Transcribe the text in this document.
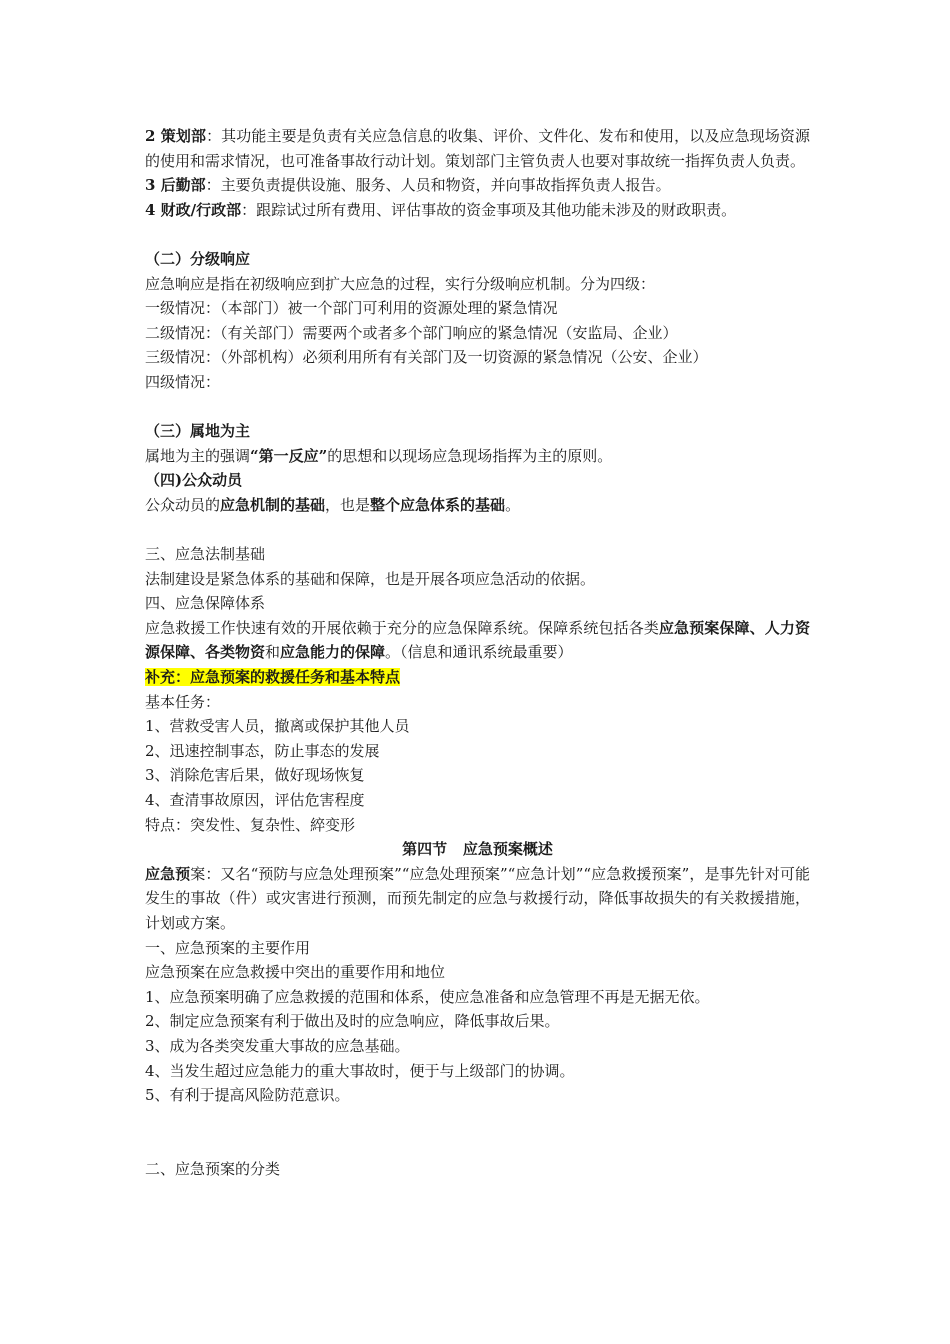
2 策划部：其功能主要是负责有关应急信息的收集、评价、文件化、发布和使用，以及应急现场资源的使用和需求情况，也可准备事故行动计划。策划部门主管负责人也要对事故统一指挥负责人负责。
3 后勤部：主要负责提供设施、服务、人员和物资，并向事故指挥负责人报告。
4 财政/行政部：跟踪试过所有费用、评估事故的资金事项及其他功能未涉及的财政职责。
（二）分级响应
应急响应是指在初级响应到扩大应急的过程，实行分级响应机制。分为四级：
一级情况：（本部门）被一个部门可利用的资源处理的紧急情况
二级情况：（有关部门）需要两个或者多个部门响应的紧急情况（安监局、企业）
三级情况：（外部机构）必须利用所有有关部门及一切资源的紧急情况（公安、企业）
四级情况：
（三）属地为主
属地为主的强调“第一反应”的思想和以现场应急现场指挥为主的原则。
（四)公众动员
公众动员的应急机制的基础，也是整个应急体系的基础。
三、应急法制基础
法制建设是紧急体系的基础和保障，也是开展各项应急活动的依据。
四、应急保障体系
应急救援工作快速有效的开展依赖于充分的应急保障系统。保障系统包括各类应急预案保障、人力资源保障、各类物资和应急能力的保障。（信息和通讯系统最重要）
补充：应急预案的救援任务和基本特点
基本任务：
1、营救受害人员，撤离或保护其他人员
2、迅速控制事态，防止事态的发展
3、消除危害后果，做好现场恢复
4、查清事故原因，评估危害程度
特点：突发性、复杂性、綷变形
第四节   应急预案概述
应急预案：又名“预防与应急处理预案”“应急处理预案”“应急计划”“应急救援预案”，是事先针对可能发生的事故（件）或灾害进行预测，而预先制定的应急与救援行动，降低事故损失的有关救援措施，计划或方案。
一、应急预案的主要作用
应急预案在应急救援中突出的重要作用和地位
1、应急预案明确了应急救援的范围和体系，使应急准备和应急管理不再是无据无依。
2、制定应急预案有利于做出及时的应急响应，降低事故后果。
3、成为各类突发重大事故的应急基础。
4、当发生超过应急能力的重大事故时，便于与上级部门的协调。
5、有利于提高风险防范意识。
二、应急预案的分类
